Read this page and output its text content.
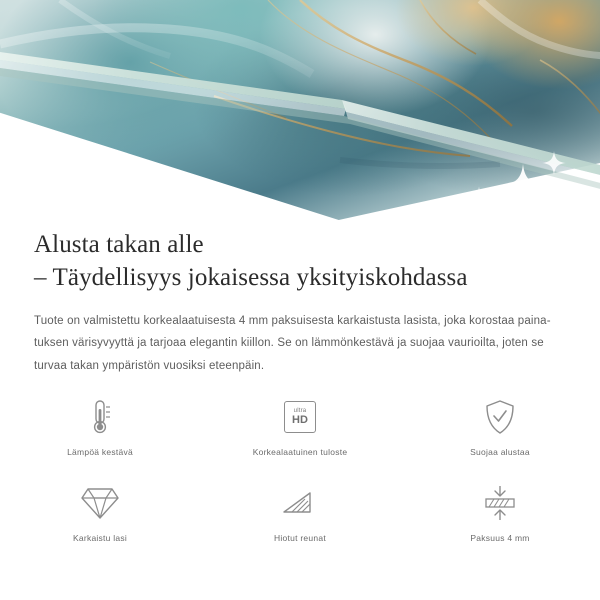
Alusta takan alle
– Täydellisyys jokaisessa yksityiskohdassa

Tuote on valmistettu korkealaatuisesta 4 mm paksuisesta karkaistusta lasista, joka korostaa paina-tuksen värisyvyyttä ja tarjoaa elegantin kiillon. Se on lämmönkestävä ja suojaa vaurioilta, joten se turvaa takan ympäristön vuosiksi eteenpäin.

Lämpöä kestävä
ultra
HD
Korkealaatuinen tuloste	Suojaa alustaa
Karkaistu lasi	Hiotut reunat	Paksuus 4 mm
